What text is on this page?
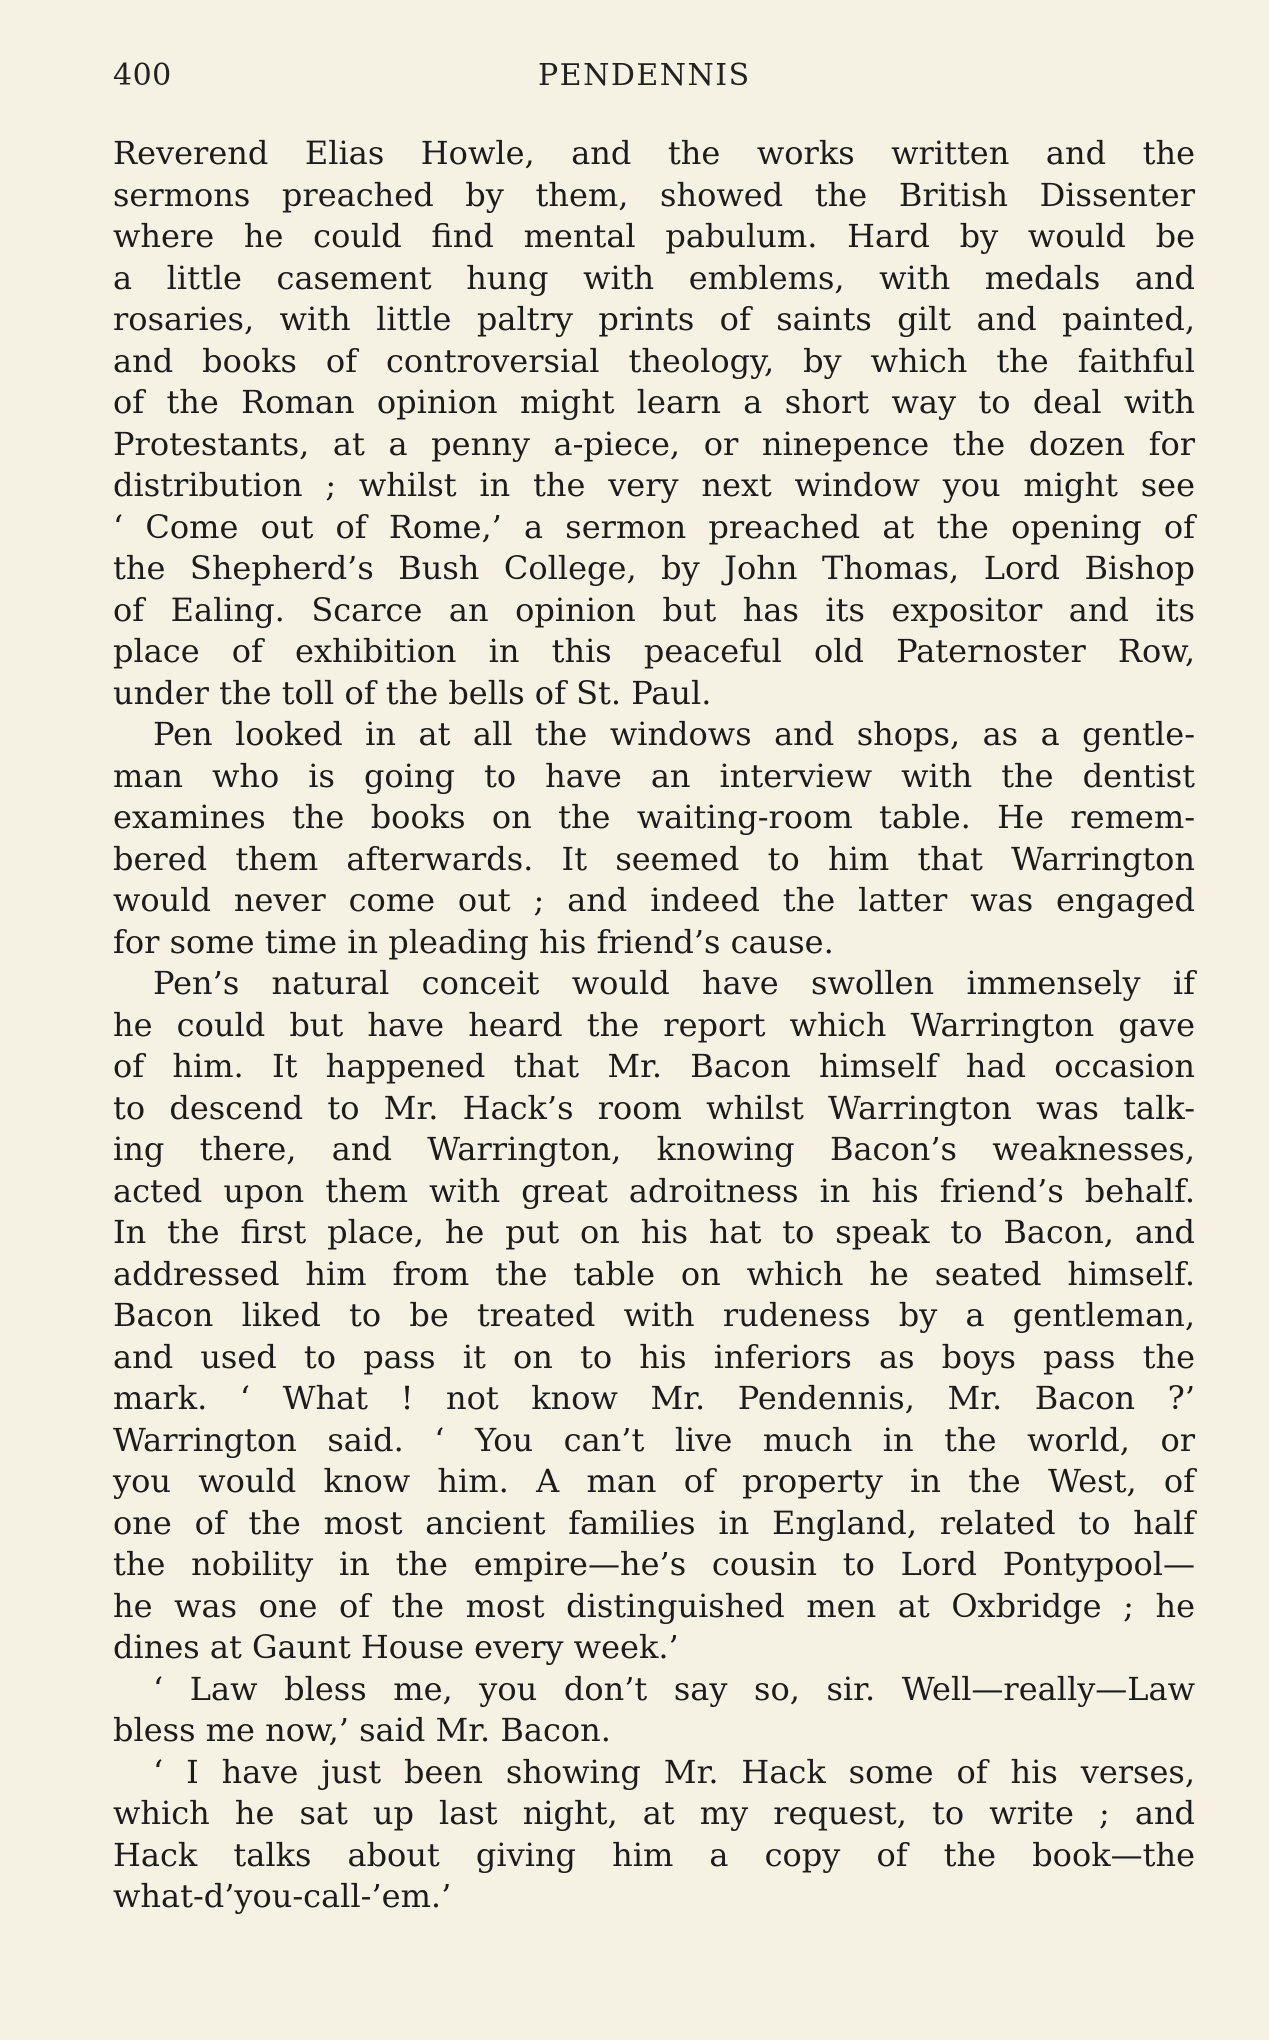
400	PENDENNIS
Reverend Elias Howle, and the works written and the
sermons preached by them, showed the British Dissenter
where he could find mental pabulum. Hard by would be
a little casement hung with emblems, with medals and
rosaries, with little paltry prints of saints gilt and painted,
and books of controversial theology, by which the faithful
of the Roman opinion might learn a short way to deal with
Protestants, at a penny a-piece, or ninepence the dozen for
distribution ; whilst in the very next window you might see
‘ Come out of Rome,’ a sermon preached at the opening of
the Shepherd’s Bush College, by John Thomas, Lord Bishop
of Ealing. Scarce an opinion but has its expositor and its
place of exhibition in this peaceful old Paternoster Row,
under the toll of the bells of St. Paul.
Pen looked in at all the windows and shops, as a gentle-
man who is going to have an interview with the dentist
examines the books on the waiting-room table. He remem-
bered them afterwards. It seemed to him that Warrington
would never come out ; and indeed the latter was engaged
for some time in pleading his friend’s cause.
Pen’s natural conceit would have swollen immensely if
he could but have heard the report which Warrington gave
of him. It happened that Mr. Bacon himself had occasion
to descend to Mr. Hack’s room whilst Warrington was talk-
ing there, and Warrington, knowing Bacon’s weaknesses,
acted upon them with great adroitness in his friend’s behalf.
In the first place, he put on his hat to speak to Bacon, and
addressed him from the table on which he seated himself.
Bacon liked to be treated with rudeness by a gentleman,
and used to pass it on to his inferiors as boys pass the
mark. ‘ What ! not know Mr. Pendennis, Mr. Bacon ?’
Warrington said. ‘ You can’t live much in the world, or
you would know him. A man of property in the West, of
one of the most ancient families in England, related to half
the nobility in the empire—he’s cousin to Lord Pontypool—
he was one of the most distinguished men at Oxbridge ; he
dines at Gaunt House every week.’
‘ Law bless me, you don’t say so, sir. Well—really—Law
bless me now,’ said Mr. Bacon.
‘ I have just been showing Mr. Hack some of his verses,
which he sat up last night, at my request, to write ; and
Hack talks about giving him a copy of the book—the
what-d’you-call-’em.’
